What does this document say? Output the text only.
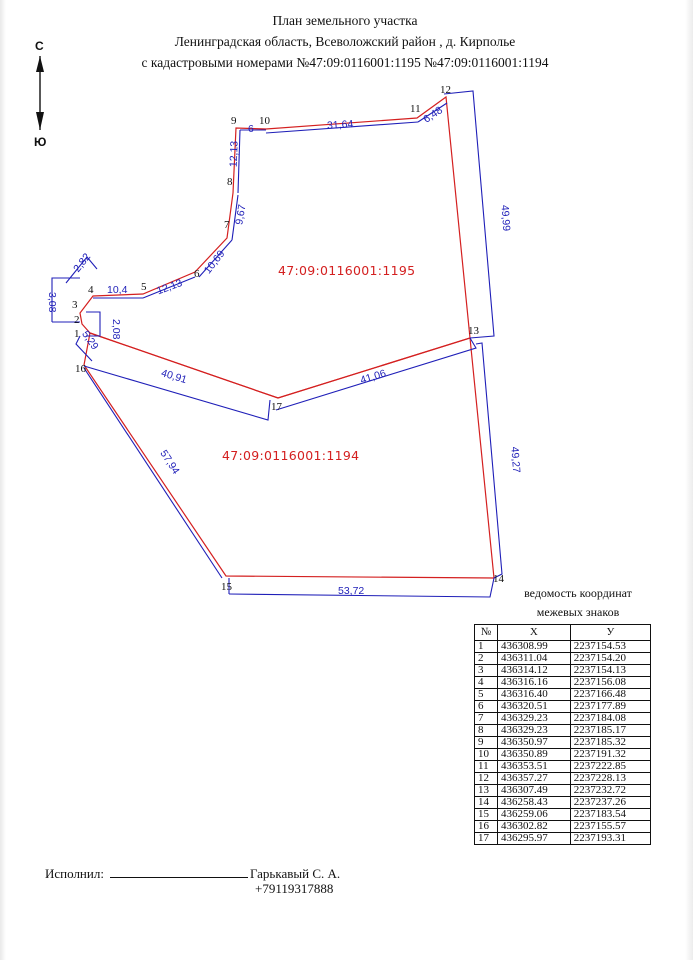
План земельного участка
Ленинградская область, Всеволожский район , д. Кирполье
с кадастровыми номерами №47:09:0116001:1195 №47:09:0116001:1194
С
Ю
3,08
2,82
10,4	12,13
10,69
9,67
12,13
6	31,64	6,48
49,99
2,08
5,29
40,91	41,06
49,27
57,94
53,72
47:09:0116001:1195
47:09:0116001:1194
1
2
3
4	5
6
7
8
9 10
11
12
13
14
15
16
17
ведомость координат
межевых знаков
№	X	У
1	436308.99	2237154.53
2	436311.04	2237154.20
3	436314.12	2237154.13
4	436316.16	2237156.08
5	436316.40	2237166.48
6	436320.51	2237177.89
7	436329.23	2237184.08
8	436329.23	2237185.17
9	436350.97	2237185.32
10	436350.89	2237191.32
11	436353.51	2237222.85
12	436357.27	2237228.13
13	436307.49	2237232.72
14	436258.43	2237237.26
15	436259.06	2237183.54
16	436302.82	2237155.57
17	436295.97	2237193.31
Исполнил:	Гарькавый С. А.
+79119317888
